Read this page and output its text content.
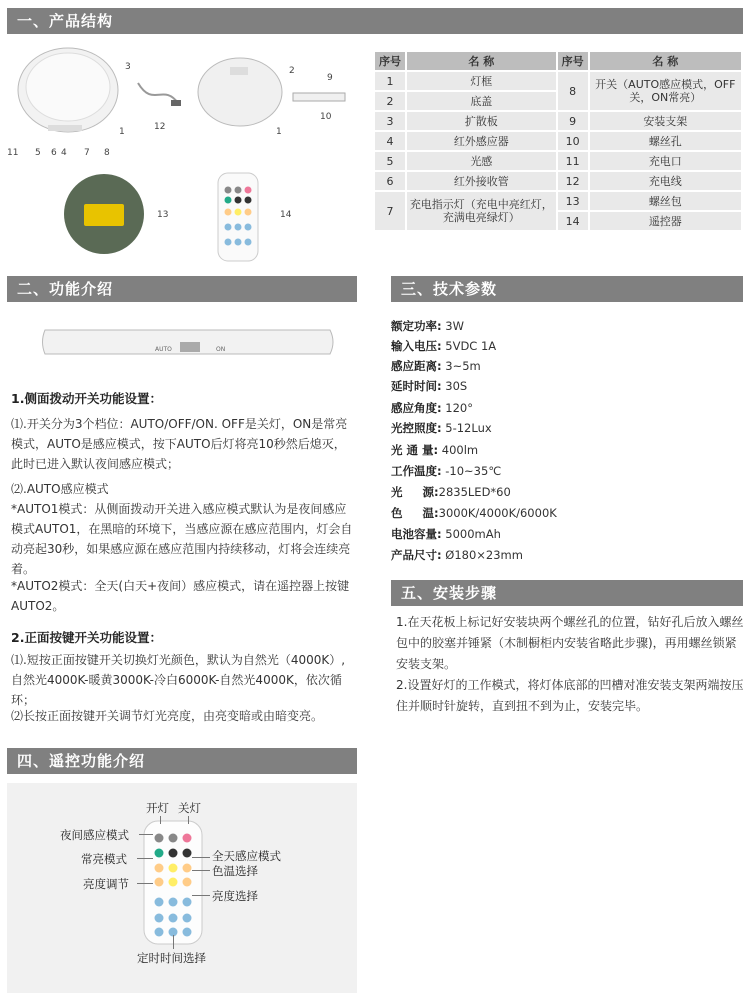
一、产品结构
3
1
11 5 6 4 7 8
12
2
1
9
10
13	14
序号	名 称	序号	名 称
1	灯框	8	开关（AUTO感应模式，OFF关，ON常亮）
2	底盖		
3	扩散板	9	安装支架
4	红外感应器	10	螺丝孔
5	光感	11	充电口
6	红外接收管	12	充电线
7	充电指示灯（充电中亮红灯，充满电亮绿灯）	13	螺丝包
		14	遥控器
二、功能介绍
AUTO	ON
1.侧面拨动开关功能设置：
⑴.开关分为3个档位：AUTO/OFF/ON. OFF是关灯，ON是常亮模式，AUTO是感应模式，按下AUTO后灯将亮10秒然后熄灭，此时已进入默认夜间感应模式；
⑵.AUTO感应模式
*AUTO1模式：从侧面拨动开关进入感应模式默认为是夜间感应模式AUTO1，在黑暗的环境下，当感应源在感应范围内，灯会自动亮起30秒，如果感应源在感应范围内持续移动，灯将会连续亮着。
*AUTO2模式：全天(白天+夜间）感应模式，请在遥控器上按键AUTO2。
2.正面按键开关功能设置：
⑴.短按正面按键开关切换灯光颜色，默认为自然光（4000K）,自然光4000K-暖黄3000K-冷白6000K-自然光4000K，依次循环；
⑵长按正面按键开关调节灯光亮度，由亮变暗或由暗变亮。
三、技术参数
额定功率: 3W
输入电压: 5VDC 1A
感应距离: 3~5m
延时时间: 30S
感应角度: 120°
光控照度: 5-12Lux
光 通 量: 400lm
工作温度: -10~35℃
光     源:2835LED*60
色     温:3000K/4000K/6000K
电池容量: 5000mAh
产品尺寸: Ø180×23mm
五、安装步骤
1.在天花板上标记好安装块两个螺丝孔的位置，钻好孔后放入螺丝包中的胶塞并锤紧（木制橱柜内安装省略此步骤)，再用螺丝锁紧安装支架。
2.设置好灯的工作模式，将灯体底部的凹槽对准安装支架两端按压住并顺时针旋转，直到扭不到为止，安装完毕。
四、遥控功能介绍
开灯 关灯
夜间感应模式
常亮模式	全天感应模式
色温选择
亮度调节
亮度选择
定时时间选择
